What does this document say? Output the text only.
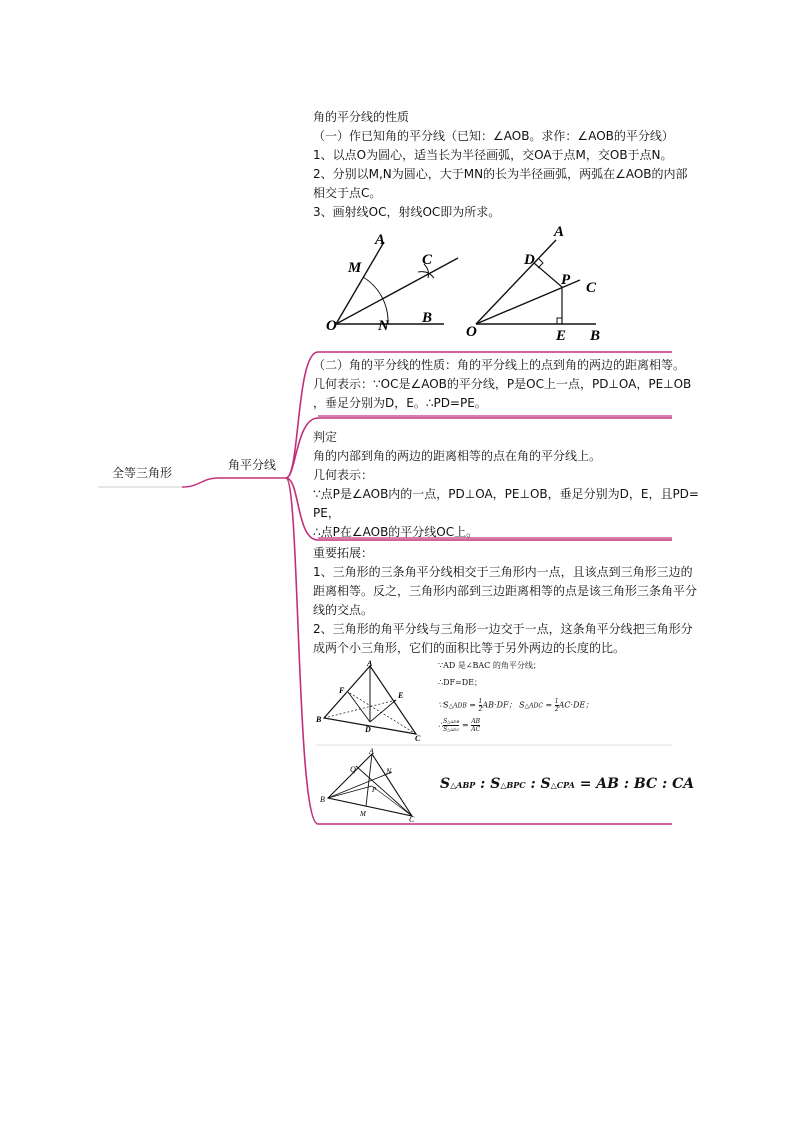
全等三角形
角平分线
角的平分线的性质
（一）作已知角的平分线（已知：∠AOB。求作：∠AOB的平分线）
1、以点O为圆心，适当长为半径画弧，交OA于点M，交OB于点N。
2、分别以M,N为圆心，大于MN的长为半径画弧，两弧在∠AOB的内部
相交于点C。
3、画射线OC，射线OC即为所求。
A
M	C
O	N B
A
D
P C
O	E B
（二）角的平分线的性质：角的平分线上的点到角的两边的距离相等。
几何表示：∵OC是∠AOB的平分线，P是OC上一点，PD⊥OA，PE⊥OB
，垂足分别为D，E。∴PD=PE。
判定
角的内部到角的两边的距离相等的点在角的平分线上。
几何表示：
∵点P是∠AOB内的一点，PD⊥OA，PE⊥OB，垂足分别为D，E，且PD=
PE，
∴点P在∠AOB的平分线OC上。
重要拓展：
1、三角形的三条角平分线相交于三角形内一点，且该点到三角形三边的
距离相等。反之，三角形内部到三边距离相等的点是该三角形三条角平分
线的交点。
2、三角形的角平分线与三角形一边交于一点，这条角平分线把三角形分
成两个小三角形，它们的面积比等于另外两边的长度的比。
A
F
E
B
D
C
∵AD 是∠BAC 的角平分线；
∴DF=DE；
∵S△ADB = $\frac{1}{2} AB\cdot DF$； S△ADC = $\frac{1}{2} AC\cdot DE$；
∴ S△ADB
S△ADC = $\frac{AB}{AC}$
A
Q	N
P
B
M
C
S△ABP : S△BPC : S△CPA = AB : BC : CA
